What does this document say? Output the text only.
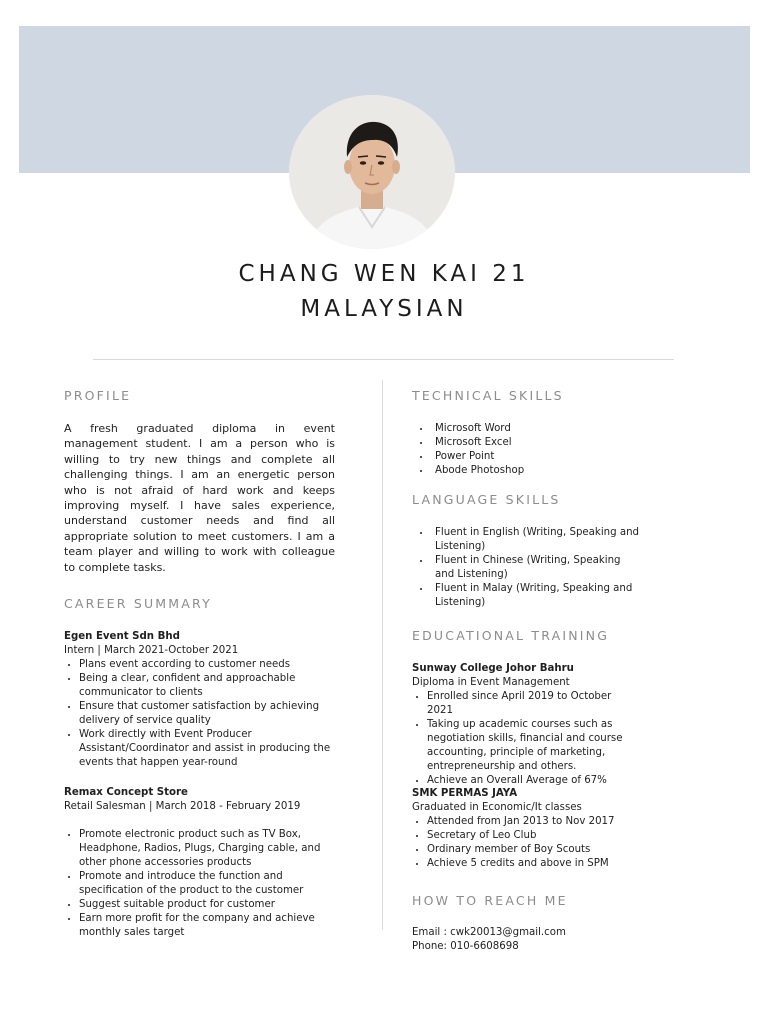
CHANG WEN KAI 21
MALAYSIAN
PROFILE

A fresh graduated diploma in event management student. I am a person who is willing to try new things and complete all challenging things. I am an energetic person who is not afraid of hard work and keeps improving myself. I have sales experience, understand customer needs and find all appropriate solution to meet customers. I am a team player and willing to work with colleague to complete tasks.

CAREER SUMMARY
Egen Event Sdn Bhd
Intern | March 2021-October 2021
• Plans event according to customer needs
• Being a clear, confident and approachable communicator to clients
• Ensure that customer satisfaction by achieving delivery of service quality
• Work directly with Event Producer Assistant/Coordinator and assist in producing the events that happen year-round
Remax Concept Store
Retail Salesman | March 2018 - February 2019
• Promote electronic product such as TV Box, Headphone, Radios, Plugs, Charging cable, and other phone accessories products
• Promote and introduce the function and specification of the product to the customer
• Suggest suitable product for customer
• Earn more profit for the company and achieve monthly sales target
TECHNICAL SKILLS
• Microsoft Word
• Microsoft Excel
• Power Point
• Abode Photoshop
LANGUAGE SKILLS
• Fluent in English (Writing, Speaking and Listening)
• Fluent in Chinese (Writing, Speaking and Listening)
• Fluent in Malay (Writing, Speaking and Listening)
EDUCATIONAL TRAINING
Sunway College Johor Bahru
Diploma in Event Management
• Enrolled since April 2019 to October 2021
• Taking up academic courses such as negotiation skills, financial and course accounting, principle of marketing, entrepreneurship and others.
• Achieve an Overall Average of 67%
SMK PERMAS JAYA
Graduated in Economic/It classes
• Attended from Jan 2013 to Nov 2017
• Secretary of Leo Club
• Ordinary member of Boy Scouts
• Achieve 5 credits and above in SPM
HOW TO REACH ME
Email : cwk20013@gmail.com
Phone: 010-6608698
